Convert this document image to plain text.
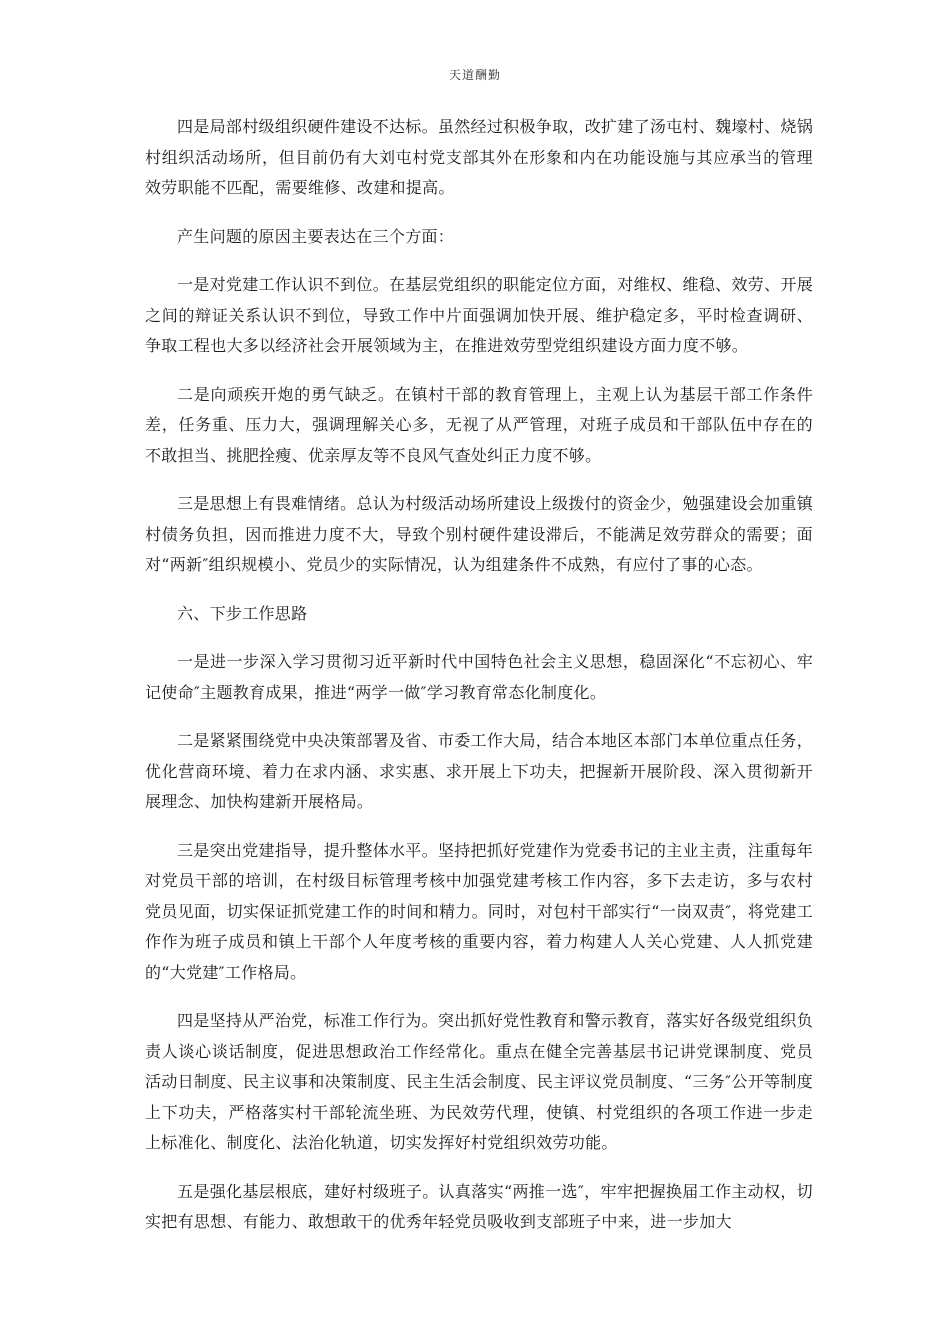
天道酬勤

四是局部村级组织硬件建设不达标。虽然经过积极争取，改扩建了汤屯村、魏壕村、烧锅村组织活动场所，但目前仍有大刘屯村党支部其外在形象和内在功能设施与其应承当的管理效劳职能不匹配，需要维修、改建和提高。

产生问题的原因主要表达在三个方面：

一是对党建工作认识不到位。在基层党组织的职能定位方面，对维权、维稳、效劳、开展之间的辩证关系认识不到位，导致工作中片面强调加快开展、维护稳定多，平时检查调研、争取工程也大多以经济社会开展领域为主，在推进效劳型党组织建设方面力度不够。

二是向顽疾开炮的勇气缺乏。在镇村干部的教育管理上，主观上认为基层干部工作条件差，任务重、压力大，强调理解关心多，无视了从严管理，对班子成员和干部队伍中存在的不敢担当、挑肥拴瘦、优亲厚友等不良风气查处纠正力度不够。

三是思想上有畏难情绪。总认为村级活动场所建设上级拨付的资金少，勉强建设会加重镇村债务负担，因而推进力度不大，导致个别村硬件建设滞后，不能满足效劳群众的需要；面对“两新″组织规模小、党员少的实际情况，认为组建条件不成熟，有应付了事的心态。

六、下步工作思路

一是进一步深入学习贯彻习近平新时代中国特色社会主义思想，稳固深化“不忘初心、牢记使命″主题教育成果，推进“两学一做″学习教育常态化制度化。

二是紧紧围绕党中央决策部署及省、市委工作大局，结合本地区本部门本单位重点任务，优化营商环境、着力在求内涵、求实惠、求开展上下功夫，把握新开展阶段、深入贯彻新开展理念、加快构建新开展格局。

三是突出党建指导，提升整体水平。坚持把抓好党建作为党委书记的主业主责，注重每年对党员干部的培训，在村级目标管理考核中加强党建考核工作内容，多下去走访，多与农村党员见面，切实保证抓党建工作的时间和精力。同时，对包村干部实行“一岗双责″，将党建工作作为班子成员和镇上干部个人年度考核的重要内容，着力构建人人关心党建、人人抓党建的“大党建″工作格局。

四是坚持从严治党，标准工作行为。突出抓好党性教育和警示教育，落实好各级党组织负责人谈心谈话制度，促进思想政治工作经常化。重点在健全完善基层书记讲党课制度、党员活动日制度、民主议事和决策制度、民主生活会制度、民主评议党员制度、“三务″公开等制度上下功夫，严格落实村干部轮流坐班、为民效劳代理，使镇、村党组织的各项工作进一步走上标准化、制度化、法治化轨道，切实发挥好村党组织效劳功能。

五是强化基层根底，建好村级班子。认真落实“两推一选″，牢牢把握换届工作主动权，切实把有思想、有能力、敢想敢干的优秀年轻党员吸收到支部班子中来，进一步加大
